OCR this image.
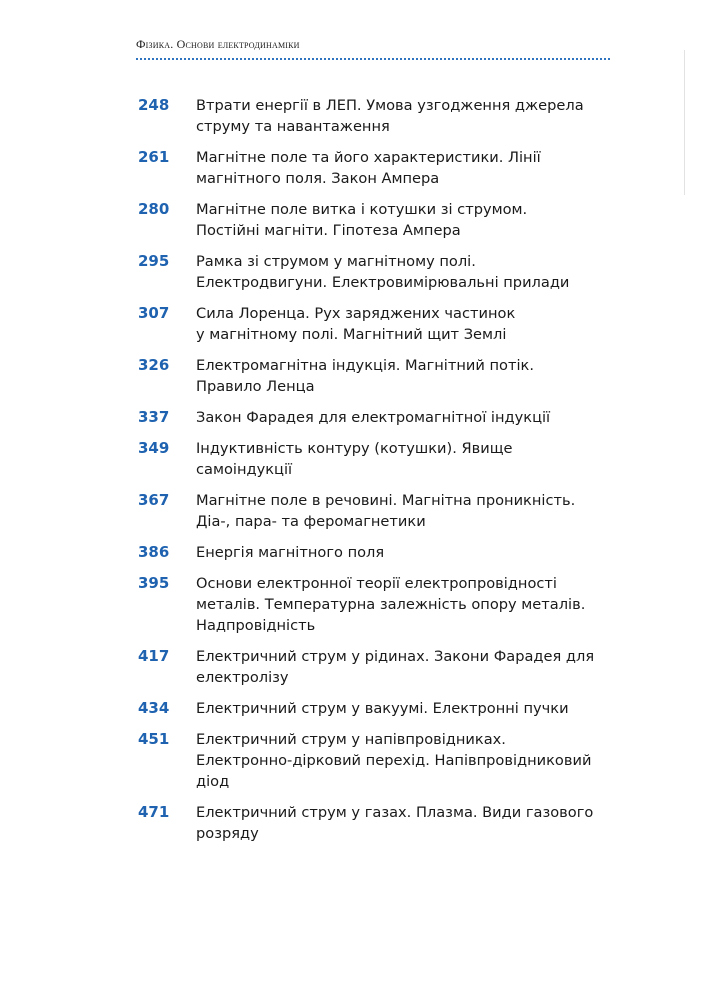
Фізика. Основи електродинаміки
248	Втрати енергії в ЛЕП. Умова узгодження джерела
струму та навантаження
261	Магнітне поле та його характеристики. Лінії
магнітного поля. Закон Ампера
280	Магнітне поле витка і котушки зі струмом.
Постійні магніти. Гіпотеза Ампера
295	Рамка зі струмом у магнітному полі.
Електродвигуни. Електровимірювальні прилади
307	Сила Лоренца. Рух заряджених частинок
у магнітному полі. Магнітний щит Землі
326	Електромагнітна індукція. Магнітний потік.
Правило Ленца
337	Закон Фарадея для електромагнітної індукції
349	Індуктивність контуру (котушки). Явище
самоіндукції
367	Магнітне поле в речовині. Магнітна проникність.
Діа-, пара- та феромагнетики
386	Енергія магнітного поля
395	Основи електронної теорії електропровідності
металів. Температурна залежність опору металів.
Надпровідність
417	Електричний струм у рідинах. Закони Фарадея для
електролізу
434	Електричний струм у вакуумі. Електронні пучки
451	Електричний струм у напівпровідниках.
Електронно-дірковий перехід. Напівпровідниковий
діод
471	Електричний струм у газах. Плазма. Види газового
розряду
